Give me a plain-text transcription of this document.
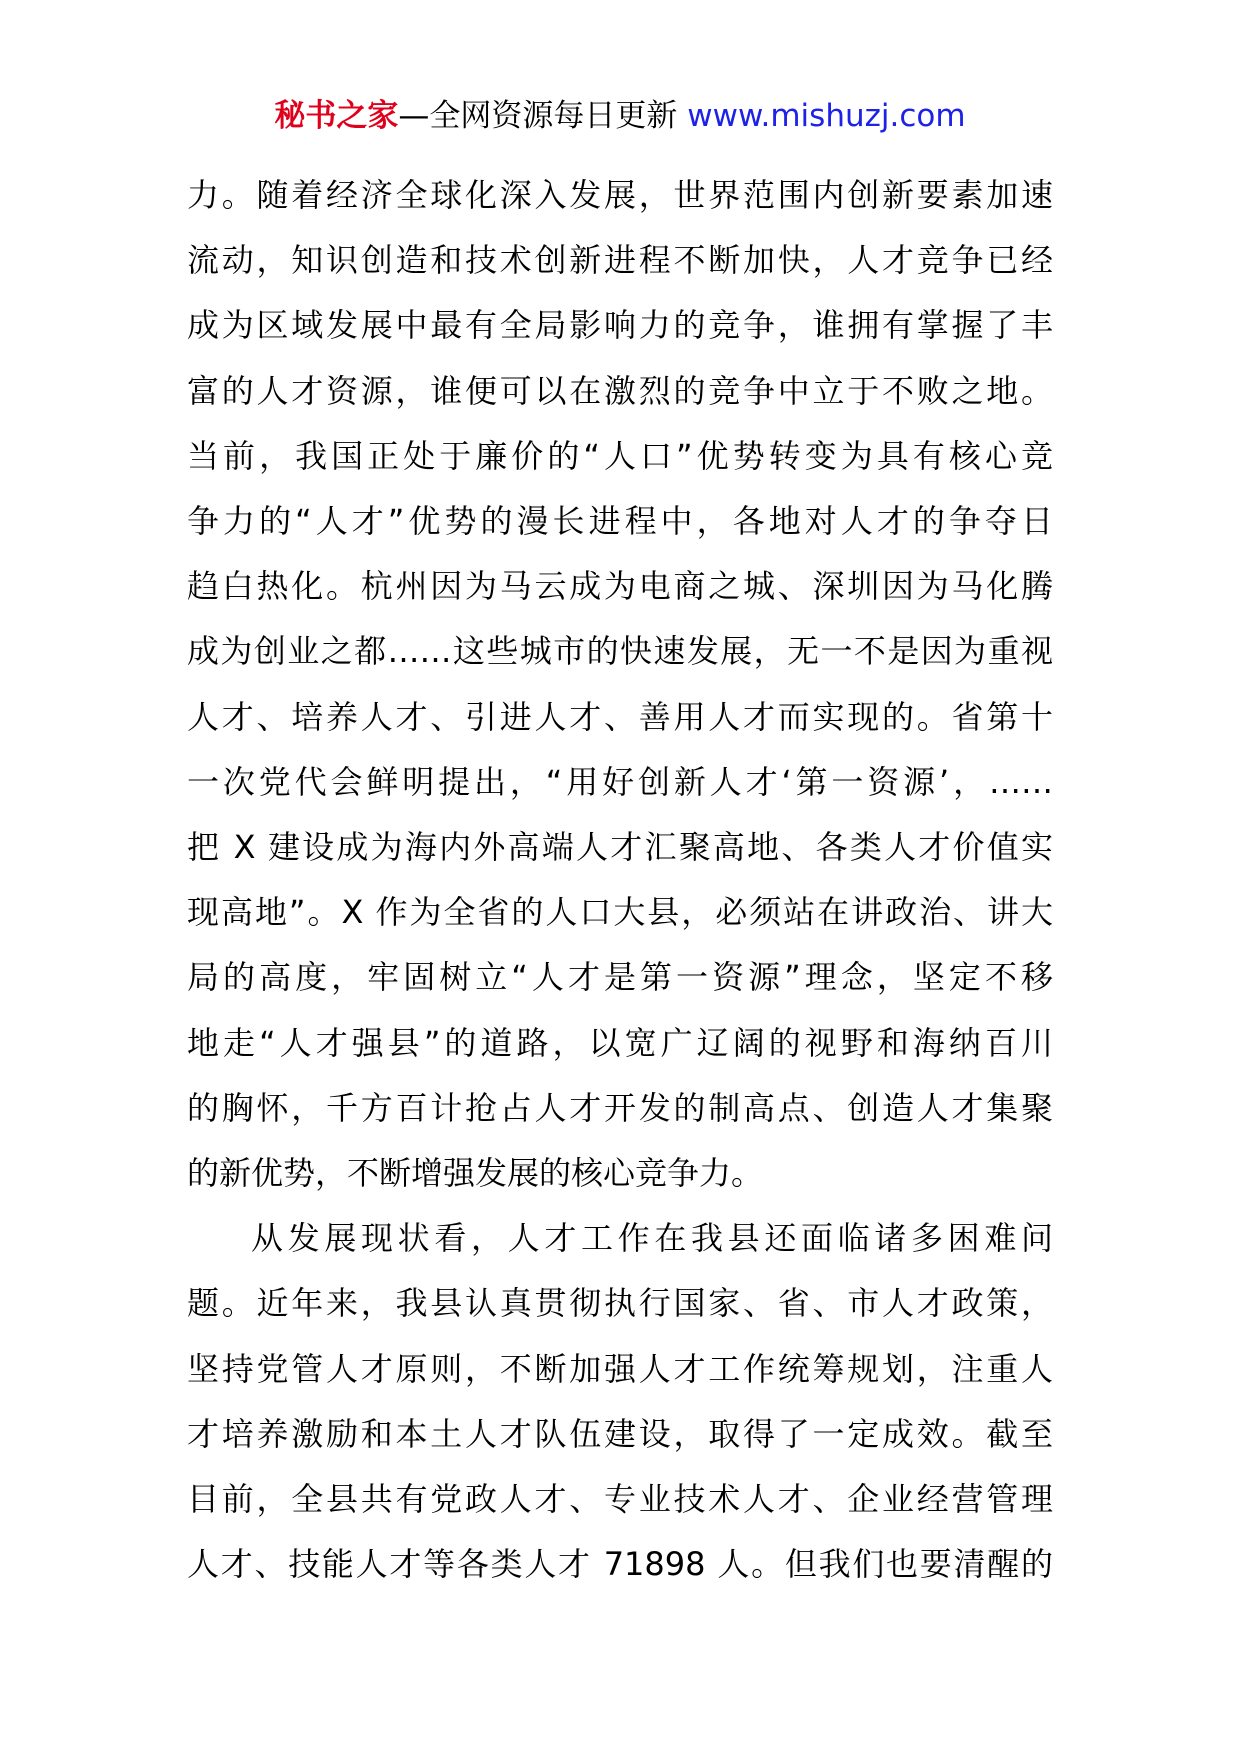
秘书之家—全网资源每日更新 www.mishuzj.com
力。随着经济全球化深入发展，世界范围内创新要素加速
流动，知识创造和技术创新进程不断加快，人才竞争已经
成为区域发展中最有全局影响力的竞争，谁拥有掌握了丰
富的人才资源，谁便可以在激烈的竞争中立于不败之地。
当前，我国正处于廉价的“人口”优势转变为具有核心竞
争力的“人才”优势的漫长进程中，各地对人才的争夺日
趋白热化。杭州因为马云成为电商之城、深圳因为马化腾
成为创业之都……这些城市的快速发展，无一不是因为重视
人才、培养人才、引进人才、善用人才而实现的。省第十
一次党代会鲜明提出，“用好创新人才‘第一资源’，……
把 X 建设成为海内外高端人才汇聚高地、各类人才价值实
现高地”。X 作为全省的人口大县，必须站在讲政治、讲大
局的高度，牢固树立“人才是第一资源”理念，坚定不移
地走“人才强县”的道路，以宽广辽阔的视野和海纳百川
的胸怀，千方百计抢占人才开发的制高点、创造人才集聚
的新优势，不断增强发展的核心竞争力。
从发展现状看，人才工作在我县还面临诸多困难问
题。近年来，我县认真贯彻执行国家、省、市人才政策，
坚持党管人才原则，不断加强人才工作统筹规划，注重人
才培养激励和本土人才队伍建设，取得了一定成效。截至
目前，全县共有党政人才、专业技术人才、企业经营管理
人才、技能人才等各类人才 71898 人。但我们也要清醒的
